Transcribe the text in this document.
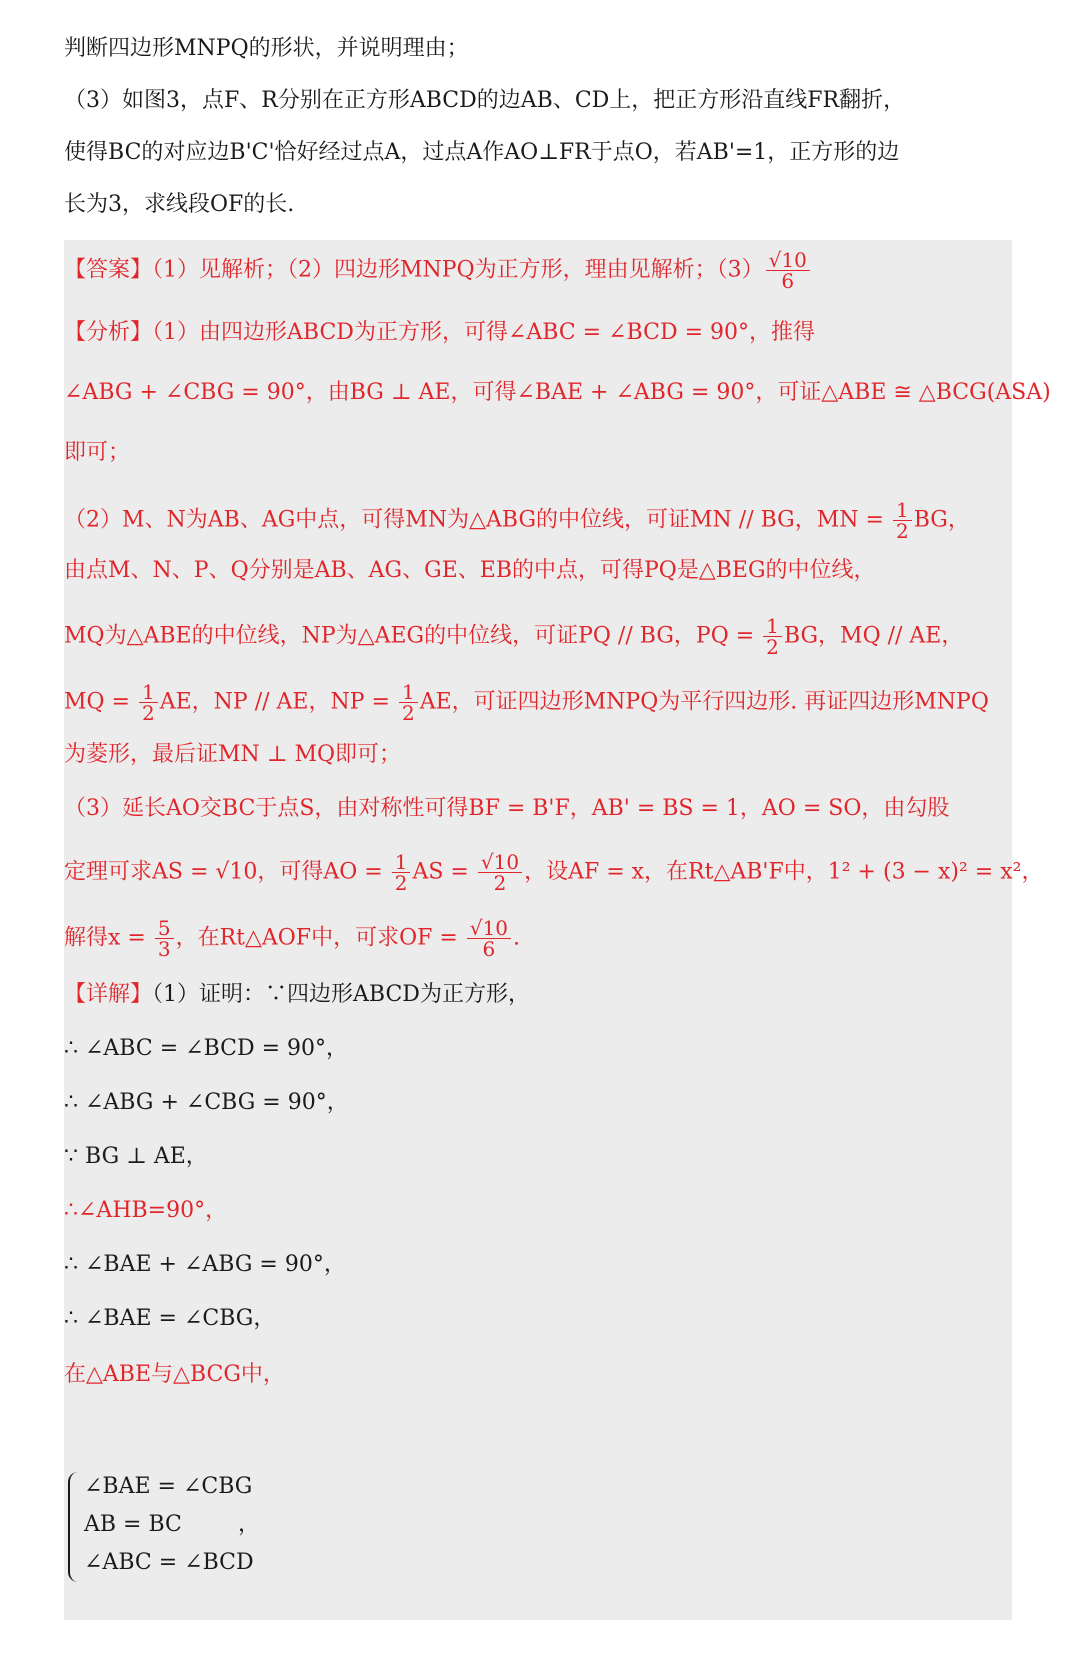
判断四边形MNPQ的形状，并说明理由；
（3）如图3，点F、R分别在正方形ABCD的边AB、CD上，把正方形沿直线FR翻折，
使得BC的对应边B'C'恰好经过点A，过点A作AO⊥FR于点O，若AB'=1，正方形的边
长为3，求线段OF的长.
【答案】（1）见解析；（2）四边形MNPQ为正方形，理由见解析；$(3) \frac{√10}{6}$
【分析】（1）由四边形ABCD为正方形，可得∠ABC = ∠BCD = 90°，推得
∠ABG + ∠CBG = 90°，由BG ⊥ AE，可得∠BAE + ∠ABG = 90°，可证△ABE ≅ △BCG(ASA)
即可；
（2）M、N为AB、AG中点，可得MN为△ABG的中位线，可证MN // BG，MN = $\frac{1}{2}$ BG，
由点M、N、P、Q分别是AB、AG、GE、EB的中点，可得PQ是△BEG的中位线，
MQ为△ABE的中位线，NP为△AEG的中位线，可证PQ // BG，PQ = $\frac{1}{2}$ BG，MQ // AE，
MQ = $\frac{1}{2}$ AE，NP // AE，NP = $\frac{1}{2}$ AE，可证四边形MNPQ为平行四边形. 再证四边形MNPQ
为菱形，最后证MN ⊥ MQ即可；
（3）延长AO交BC于点S，由对称性可得BF = B'F，AB' = BS = 1，AO = SO，由勾股
定理可求AS = √10，可得AO = $\frac{1}{2}$ AS = $\frac{√10}{2}$ ，设AF = x，在Rt△AB'F中，1² + (3 − x)² = x²，
解得$x = \frac{5}{3}$ ，在Rt△AOF中，可求OF = $\frac{√10}{6}$ .
【详解】（1）证明：∵四边形ABCD为正方形，
∴ ∠ABC = ∠BCD = 90°，
∴ ∠ABG + ∠CBG = 90°，
∵ BG ⊥ AE，
∴∠AHB=90°，
∴ ∠BAE + ∠ABG = 90°，
∴ ∠BAE = ∠CBG，
在△ABE与△BCG中，
∠BAE = ∠CBG
AB = BC
∠ABC = ∠BCD
，
